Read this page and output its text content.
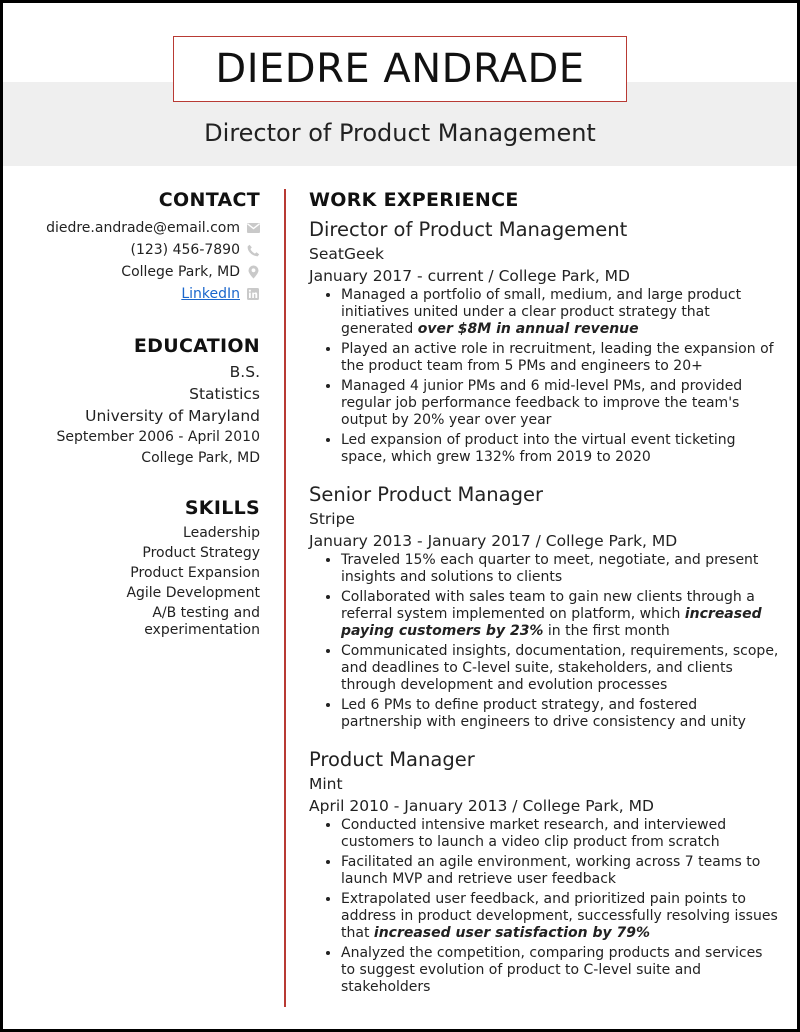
DIEDRE ANDRADE
Director of Product Management
CONTACT
diedre.andrade@email.com
(123) 456-7890
College Park, MD
LinkedIn
EDUCATION
B.S.
Statistics
University of Maryland
September 2006 - April 2010
College Park, MD
SKILLS
Leadership
Product Strategy
Product Expansion
Agile Development
A/B testing and experimentation
WORK EXPERIENCE
Director of Product Management
SeatGeek
January 2017 - current / College Park, MD
• Managed a portfolio of small, medium, and large product initiatives united under a clear product strategy that generated over $8M in annual revenue
• Played an active role in recruitment, leading the expansion of the product team from 5 PMs and engineers to 20+
• Managed 4 junior PMs and 6 mid-level PMs, and provided regular job performance feedback to improve the team's output by 20% year over year
• Led expansion of product into the virtual event ticketing space, which grew 132% from 2019 to 2020
Senior Product Manager
Stripe
January 2013 - January 2017 / College Park, MD
• Traveled 15% each quarter to meet, negotiate, and present insights and solutions to clients
• Collaborated with sales team to gain new clients through a referral system implemented on platform, which increased paying customers by 23% in the first month
• Communicated insights, documentation, requirements, scope, and deadlines to C-level suite, stakeholders, and clients through development and evolution processes
• Led 6 PMs to define product strategy, and fostered partnership with engineers to drive consistency and unity
Product Manager
Mint
April 2010 - January 2013 / College Park, MD
• Conducted intensive market research, and interviewed customers to launch a video clip product from scratch
• Facilitated an agile environment, working across 7 teams to launch MVP and retrieve user feedback
• Extrapolated user feedback, and prioritized pain points to address in product development, successfully resolving issues that increased user satisfaction by 79%
• Analyzed the competition, comparing products and services to suggest evolution of product to C-level suite and stakeholders
